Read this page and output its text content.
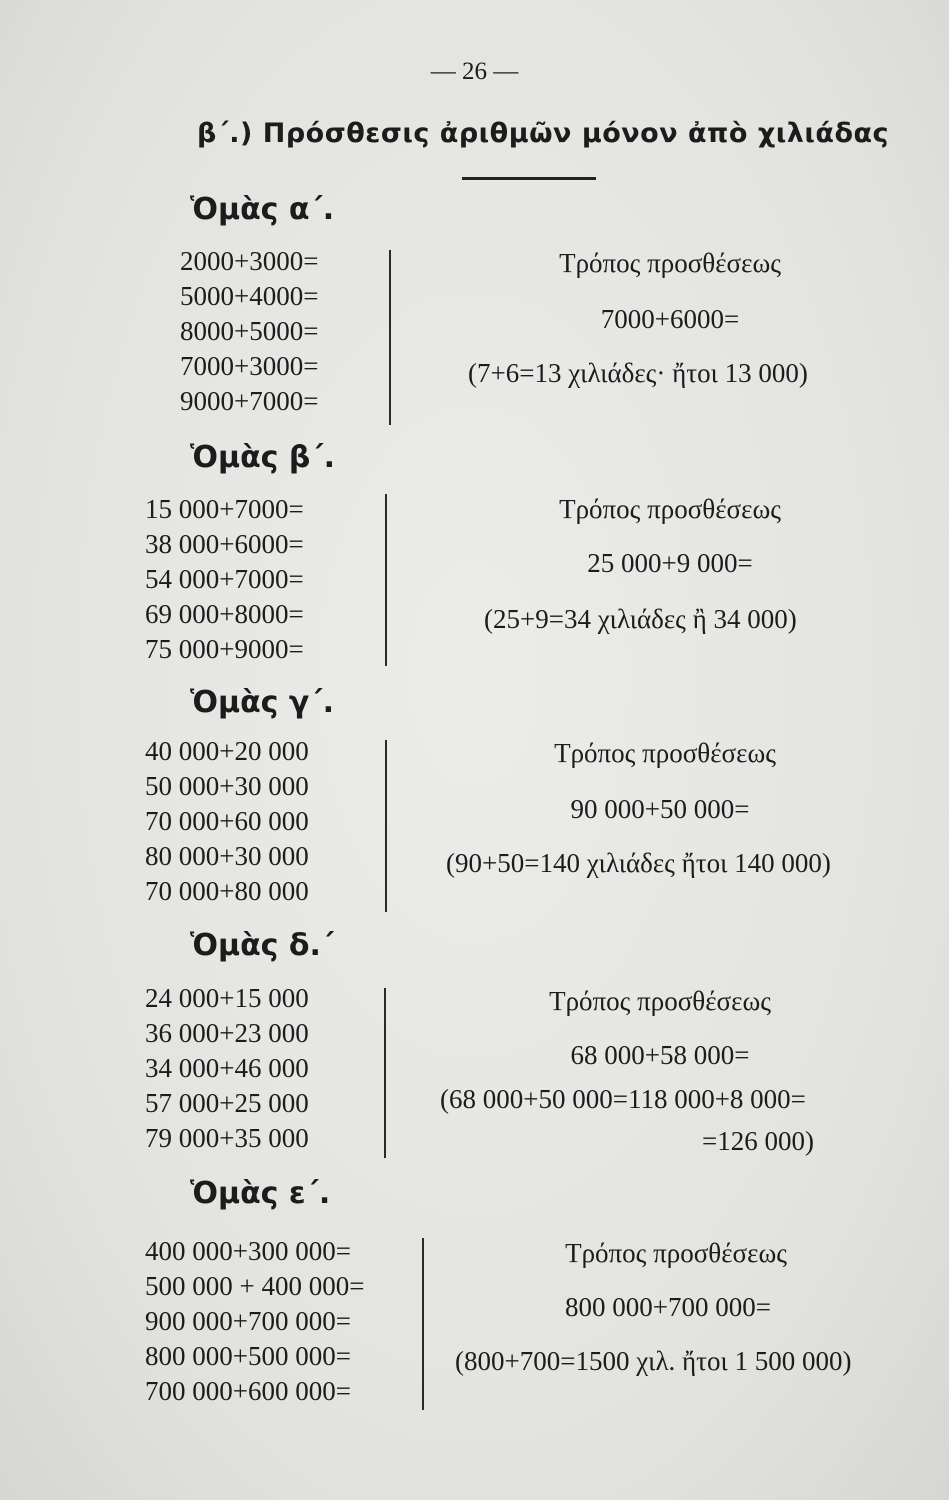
— 26 —
β΄.) Πρόσθεσις ἀριθμῶν μόνον ἀπὸ χιλιάδας
Ὁμὰς α΄.
2000+3000=
5000+4000=
8000+5000=
7000+3000=
9000+7000=
Τρόπος προσθέσεως
7000+6000=
(7+6=13 χιλιάδες· ἤτοι 13 000)
Ὁμὰς β΄.
15 000+7000=
38 000+6000=
54 000+7000=
69 000+8000=
75 000+9000=
Τρόπος προσθέσεως
25 000+9 000=
(25+9=34 χιλιάδες ἢ 34 000)
Ὁμὰς γ΄.
40 000+20 000
50 000+30 000
70 000+60 000
80 000+30 000
70 000+80 000
Τρόπος προσθέσεως
90 000+50 000=
(90+50=140 χιλιάδες ἤτοι 140 000)
Ὁμὰς δ.΄
24 000+15 000
36 000+23 000
34 000+46 000
57 000+25 000
79 000+35 000
Τρόπος προσθέσεως
68 000+58 000=
(68 000+50 000=118 000+8 000=
=126 000)
Ὁμὰς ε΄.
400 000+300 000=
500 000 + 400 000=
900 000+700 000=
800 000+500 000=
700 000+600 000=
Τρόπος προσθέσεως
800 000+700 000=
(800+700=1500 χιλ. ἤτοι 1 500 000)
